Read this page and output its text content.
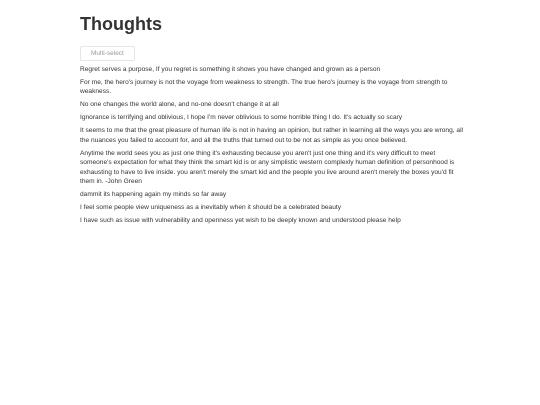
Thoughts
Multi-select
Regret serves a purpose, If you regret is something it shows you have changed and grown as a person
For me, the hero's journey is not the voyage from weakness to strength. The true hero's journey is the voyage from strength to weakness.
No one changes the world alone, and no-one doesn't change it at all
Ignorance is terrifying and oblivious, I hope I'm never oblivious to some horrible thing I do. It's actually so scary
It seems to me that the great pleasure of human life is not in having an opinion, but rather in learning all the ways you are wrong, all the nuances you failed to account for, and all the truths that turned out to be not as simple as you once believed.
Anytime the world sees you as just one thing it's exhausting because you aren't just one thing and it's very difficult to meet someone's expectation for what they think the smart kid is or any simplistic western complexly human definition of personhood is exhausting to have to live inside. you aren't merely the smart kid and the people you live around aren't merely the boxes you'd fit them in. -John Green
dammit its happening again my minds so far away
I feel some people view uniqueness as a inevitably when it should be a celebrated beauty
I have such as issue with vulnerability and openness yet wish to be deeply known and understood please help
